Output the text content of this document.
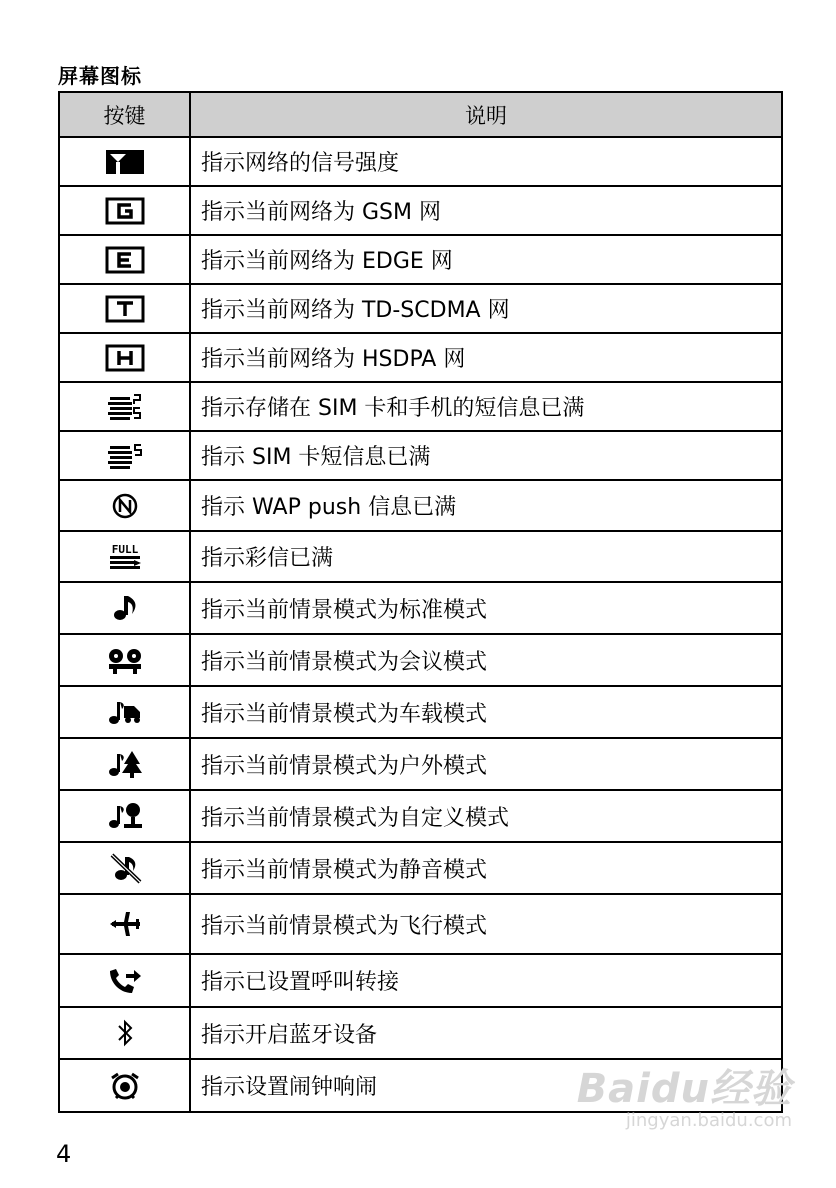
屏幕图标
按键	说明

	指示网络的信号强度

	指示当前网络为 GSM 网

	指示当前网络为 EDGE 网

	指示当前网络为 TD-SCDMA 网

	指示当前网络为 HSDPA 网

	指示存储在 SIM 卡和手机的短信息已满

	指示 SIM 卡短信息已满

	指示 WAP push 信息已满

FULL	指示彩信已满

	指示当前情景模式为标准模式

	指示当前情景模式为会议模式

	指示当前情景模式为车载模式

	指示当前情景模式为户外模式

	指示当前情景模式为自定义模式

	指示当前情景模式为静音模式

	指示当前情景模式为飞行模式

	指示已设置呼叫转接

	指示开启蓝牙设备

	指示设置闹钟响闹
4
Baidu经验
jingyan.baidu.com
